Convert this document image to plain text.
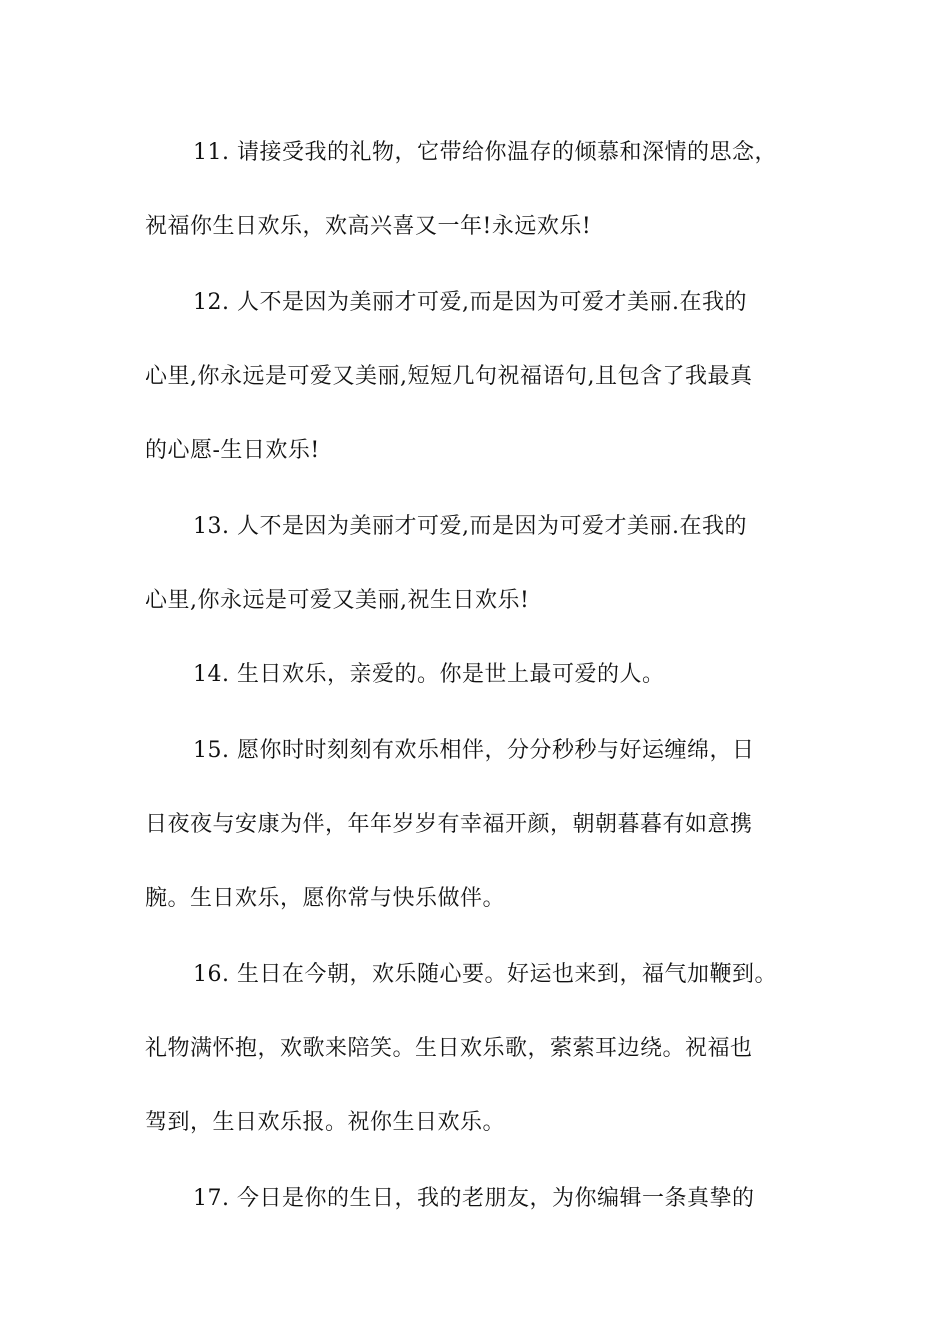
11. 请接受我的礼物，它带给你温存的倾慕和深情的思念，
祝福你生日欢乐，欢高兴喜又一年!永远欢乐!
12. 人不是因为美丽才可爱,而是因为可爱才美丽.在我的
心里,你永远是可爱又美丽,短短几句祝福语句,且包含了我最真
的心愿-生日欢乐!
13. 人不是因为美丽才可爱,而是因为可爱才美丽.在我的
心里,你永远是可爱又美丽,祝生日欢乐!
14. 生日欢乐，亲爱的。你是世上最可爱的人。
15. 愿你时时刻刻有欢乐相伴，分分秒秒与好运缠绵，日
日夜夜与安康为伴，年年岁岁有幸福开颜，朝朝暮暮有如意携
腕。生日欢乐，愿你常与快乐做伴。
16. 生日在今朝，欢乐随心要。好运也来到，福气加鞭到。
礼物满怀抱，欢歌来陪笑。生日欢乐歌，萦萦耳边绕。祝福也
驾到，生日欢乐报。祝你生日欢乐。
17. 今日是你的生日，我的老朋友，为你编辑一条真挚的
